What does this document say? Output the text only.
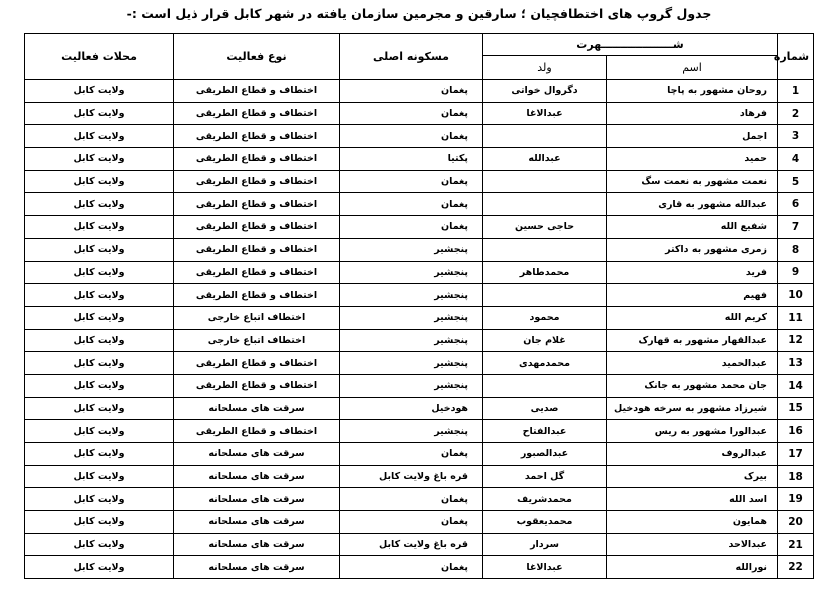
جدول گروپ های اختطافچیان ؛ سارقین و مجرمین سازمان یافته در شهر کابل قرار ذیل است :-
شماره	شـــــــــــــــــــهرت		مسکونه اصلی	نوع فعالیت	محلات فعالیت
	اسم	ولد			
1	روحان مشهور به پاچا	دگروال خواتی	پغمان	اختطاف و قطاع الطریقی	ولایت کابل
2	فرهاد	عبدالاغا	پغمان	اختطاف و قطاع الطریقی	ولایت کابل
3	اجمل		پغمان	اختطاف و قطاع الطریقی	ولایت کابل
4	حمید	عبدالله	پکتیا	اختطاف و قطاع الطریقی	ولایت کابل
5	نعمت مشهور به نعمت سگ		پغمان	اختطاف و قطاع الطریقی	ولایت کابل
6	عبدالله مشهور به قاری		پغمان	اختطاف و قطاع الطریقی	ولایت کابل
7	شفیع الله	حاجی حسین	پغمان	اختطاف و قطاع الطریقی	ولایت کابل
8	زمری مشهور به داکتر		پنجشیر	اختطاف و قطاع الطریقی	ولایت کابل
9	فرید	محمدطاهر	پنجشیر	اختطاف و قطاع الطریقی	ولایت کابل
10	فهیم		پنجشیر	اختطاف و قطاع الطریقی	ولایت کابل
11	کریم الله	محمود	پنجشیر	اختطاف اتباع خارجی	ولایت کابل
12	عبدالقهار مشهور به قهارک	غلام جان	پنجشیر	اختطاف اتباع خارجی	ولایت کابل
13	عبدالحمید	محمدمهدی	پنجشیر	اختطاف و قطاع الطریقی	ولایت کابل
14	جان محمد مشهور به جانک		پنجشیر	اختطاف و قطاع الطریقی	ولایت کابل
15	شیرزاد مشهور به سرخه هودخیل	صدیی	هودخیل	سرقت های مسلحانه	ولایت کابل
16	عبدالورا مشهور به ریس	عبدالفتاح	پنجشیر	اختطاف و قطاع الطریقی	ولایت کابل
17	عبدالروف	عبدالصبور	پغمان	سرقت های مسلحانه	ولایت کابل
18	بیرک	گل احمد	قره باغ ولایت کابل	سرقت های مسلحانه	ولایت کابل
19	اسد الله	محمدشریف	پغمان	سرقت های مسلحانه	ولایت کابل
20	همایون	محمدیعقوب	پغمان	سرقت های مسلحانه	ولایت کابل
21	عبدالاحد	سردار	قره باغ ولایت کابل	سرقت های مسلحانه	ولایت کابل
22	نورالله	عبدالاغا	پغمان	سرقت های مسلحانه	ولایت کابل
